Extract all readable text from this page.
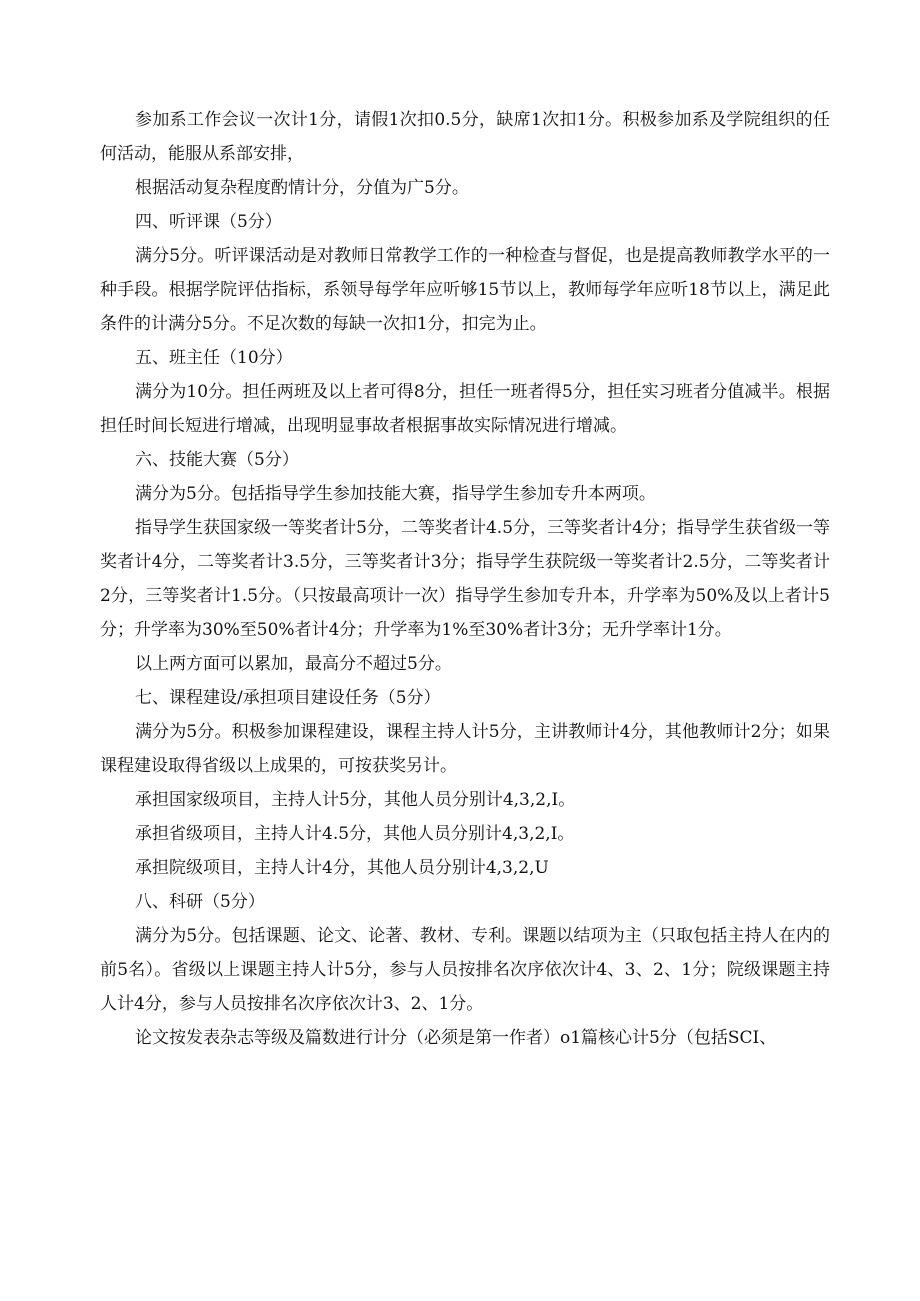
参加系工作会议一次计1分，请假1次扣0.5分，缺席1次扣1分。积极参加系及学院组织的任何活动，能服从系部安排，

根据活动复杂程度酌情计分，分值为广5分。

四、听评课（5分）

满分5分。听评课活动是对教师日常教学工作的一种检查与督促，也是提高教师教学水平的一种手段。根据学院评估指标，系领导每学年应听够15节以上，教师每学年应听18节以上，满足此条件的计满分5分。不足次数的每缺一次扣1分，扣完为止。

五、班主任（10分）

满分为10分。担任两班及以上者可得8分，担任一班者得5分，担任实习班者分值减半。根据担任时间长短进行增减，出现明显事故者根据事故实际情况进行增减。

六、技能大赛（5分）

满分为5分。包括指导学生参加技能大赛，指导学生参加专升本两项。

指导学生获国家级一等奖者计5分，二等奖者计4.5分，三等奖者计4分；指导学生获省级一等奖者计4分，二等奖者计3.5分，三等奖者计3分；指导学生获院级一等奖者计2.5分，二等奖者计2分，三等奖者计1.5分。（只按最高项计一次）指导学生参加专升本，升学率为50%及以上者计5分；升学率为30%至50%者计4分；升学率为1%至30%者计3分；无升学率计1分。

以上两方面可以累加，最高分不超过5分。

七、课程建设/承担项目建设任务（5分）

满分为5分。积极参加课程建设，课程主持人计5分，主讲教师计4分，其他教师计2分；如果课程建设取得省级以上成果的，可按获奖另计。

承担国家级项目，主持人计5分，其他人员分别计4,3,2,I。

承担省级项目，主持人计4.5分，其他人员分别计4,3,2,I。

承担院级项目，主持人计4分，其他人员分别计4,3,2,U

八、科研（5分）

满分为5分。包括课题、论文、论著、教材、专利。课题以结项为主（只取包括主持人在内的前5名）。省级以上课题主持人计5分，参与人员按排名次序依次计4、3、2、1分；院级课题主持人计4分，参与人员按排名次序依次计3、2、1分。

论文按发表杂志等级及篇数进行计分（必须是第一作者）o1篇核心计5分（包括SCI、
